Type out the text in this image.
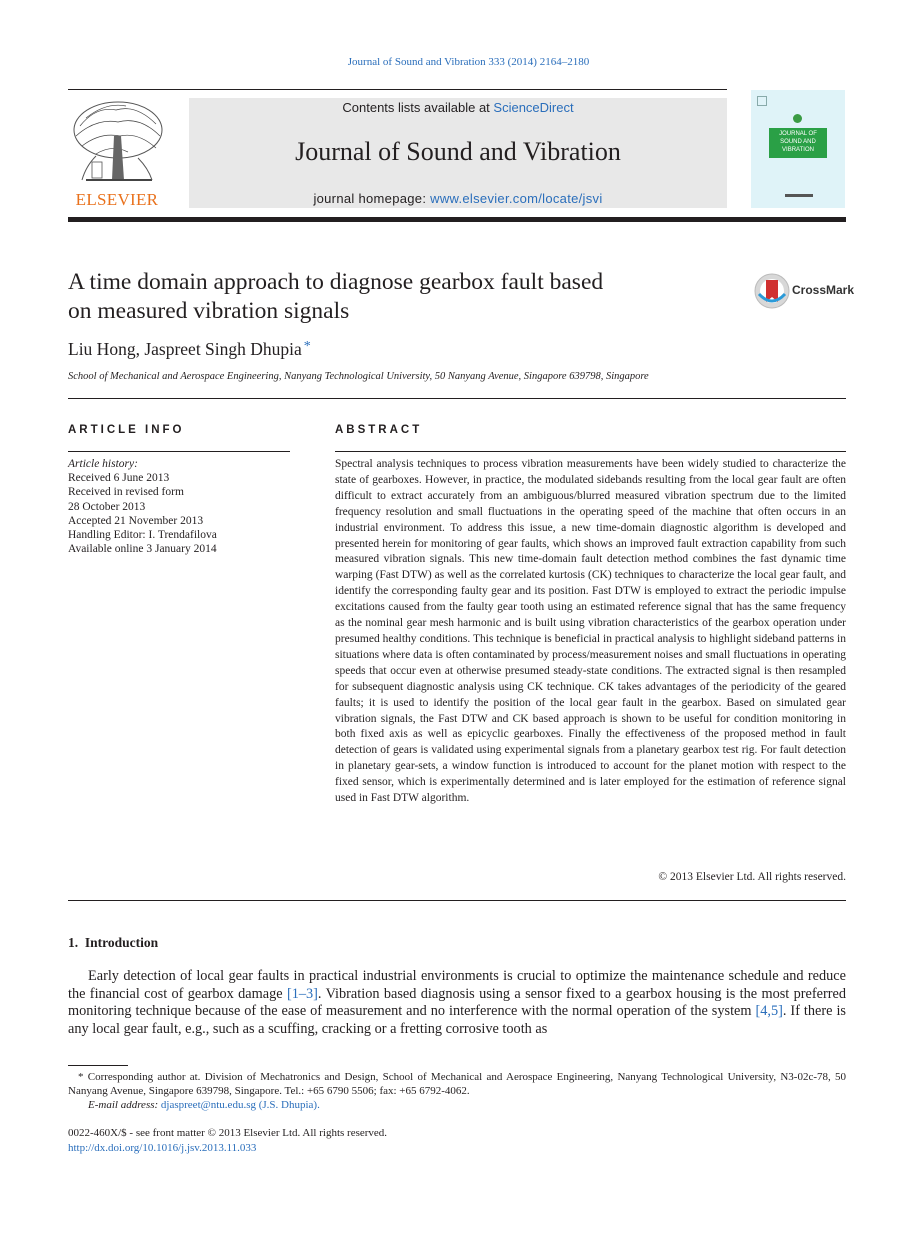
Journal of Sound and Vibration 333 (2014) 2164–2180
ELSEVIER
Contents lists available at ScienceDirect
Journal of Sound and Vibration
journal homepage: www.elsevier.com/locate/jsvi
JOURNAL OF SOUND AND VIBRATION
A time domain approach to diagnose gearbox fault based
on measured vibration signals
CrossMark
Liu Hong, Jaspreet Singh Dhupia *
School of Mechanical and Aerospace Engineering, Nanyang Technological University, 50 Nanyang Avenue, Singapore 639798, Singapore
ARTICLE INFO
Article history:
Received 6 June 2013
Received in revised form
28 October 2013
Accepted 21 November 2013
Handling Editor: I. Trendafilova
Available online 3 January 2014
ABSTRACT
Spectral analysis techniques to process vibration measurements have been widely studied to characterize the state of gearboxes. However, in practice, the modulated sidebands resulting from the local gear fault are often difficult to extract accurately from an ambiguous/blurred measured vibration spectrum due to the limited frequency resolution and small fluctuations in the operating speed of the machine that often occurs in an industrial environment. To address this issue, a new time-domain diagnostic algorithm is developed and presented herein for monitoring of gear faults, which shows an improved fault extraction capability from such measured vibration signals. This new time-domain fault detection method combines the fast dynamic time warping (Fast DTW) as well as the correlated kurtosis (CK) techniques to characterize the local gear fault, and identify the corresponding faulty gear and its position. Fast DTW is employed to extract the periodic impulse excitations caused from the faulty gear tooth using an estimated reference signal that has the same frequency as the nominal gear mesh harmonic and is built using vibration characteristics of the gearbox operation under presumed healthy conditions. This technique is beneficial in practical analysis to highlight sideband patterns in situations where data is often contaminated by process/measurement noises and small fluctuations in operating speeds that occur even at otherwise presumed steady-state conditions. The extracted signal is then resampled for subsequent diagnostic analysis using CK technique. CK takes advantages of the periodicity of the geared faults; it is used to identify the position of the local gear fault in the gearbox. Based on simulated gear vibration signals, the Fast DTW and CK based approach is shown to be useful for condition monitoring in both fixed axis as well as epicyclic gearboxes. Finally the effectiveness of the proposed method in fault detection of gears is validated using experimental signals from a planetary gearbox test rig. For fault detection in planetary gear-sets, a window function is introduced to account for the planet motion with respect to the fixed sensor, which is experimentally determined and is later employed for the estimation of reference signal used in Fast DTW algorithm.
© 2013 Elsevier Ltd. All rights reserved.
1.  Introduction
Early detection of local gear faults in practical industrial environments is crucial to optimize the maintenance schedule and reduce the financial cost of gearbox damage [1–3]. Vibration based diagnosis using a sensor fixed to a gearbox housing is the most preferred monitoring technique because of the ease of measurement and no interference with the normal operation of the system [4,5]. If there is any local gear fault, e.g., such as a scuffing, cracking or a fretting corrosive tooth as
* Corresponding author at. Division of Mechatronics and Design, School of Mechanical and Aerospace Engineering, Nanyang Technological University, N3-02c-78, 50 Nanyang Avenue, Singapore 639798, Singapore. Tel.: +65 6790 5506; fax: +65 6792-4062.
E-mail address: djaspreet@ntu.edu.sg (J.S. Dhupia).
0022-460X/$ - see front matter © 2013 Elsevier Ltd. All rights reserved.
http://dx.doi.org/10.1016/j.jsv.2013.11.033
